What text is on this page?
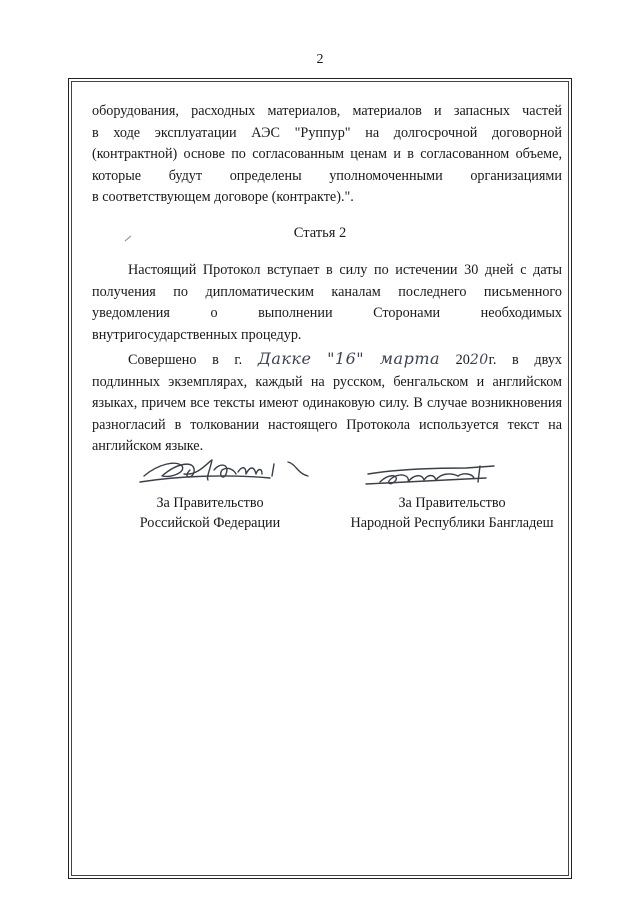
2
оборудования, расходных материалов, материалов и запасных частей
в ходе эксплуатации АЭС "Руппур" на долгосрочной договорной
(контрактной) основе по согласованным ценам и в согласованном объеме,
которые будут определены уполномоченными организациями
в соответствующем договоре (контракте).".
Статья 2
Настоящий Протокол вступает в силу по истечении 30 дней с даты
получения по дипломатическим каналам последнего письменного
уведомления о выполнении Сторонами необходимых
внутригосударственных процедур.
Совершено в г. Дакке "16" марта 2020г. в двух
подлинных экземплярах, каждый на русском, бенгальском и английском
языках, причем все тексты имеют одинаковую силу. В случае возникновения
разногласий в толковании настоящего Протокола используется текст на
английском языке.
За Правительство
Российской Федерации
За Правительство
Народной Республики Бангладеш
